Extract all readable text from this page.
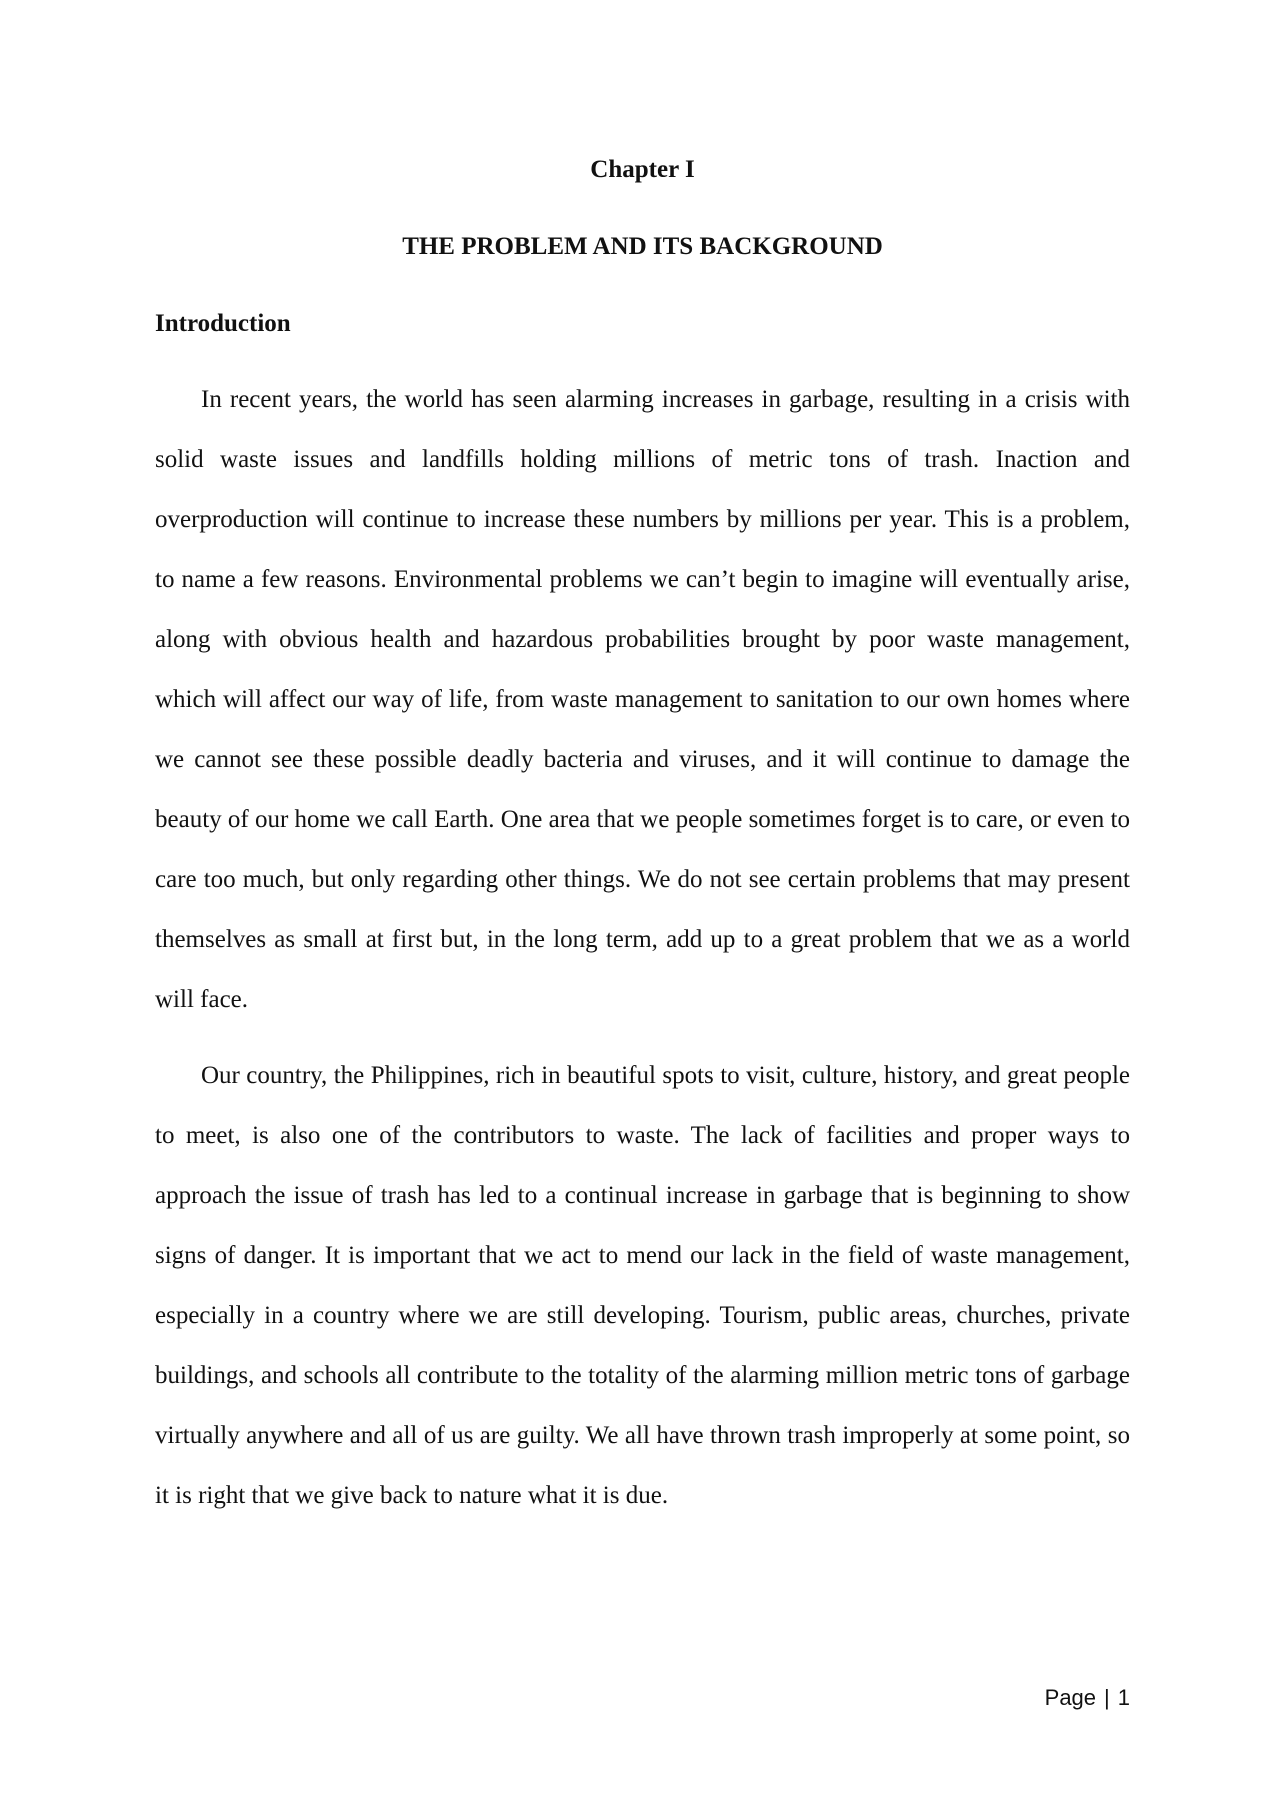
Chapter I
THE PROBLEM AND ITS BACKGROUND
Introduction

In recent years, the world has seen alarming increases in garbage, resulting in a crisis with solid waste issues and landfills holding millions of metric tons of trash. Inaction and overproduction will continue to increase these numbers by millions per year. This is a problem, to name a few reasons. Environmental problems we can’t begin to imagine will eventually arise, along with obvious health and hazardous probabilities brought by poor waste management, which will affect our way of life, from waste management to sanitation to our own homes where we cannot see these possible deadly bacteria and viruses, and it will continue to damage the beauty of our home we call Earth. One area that we people sometimes forget is to care, or even to care too much, but only regarding other things. We do not see certain problems that may present themselves as small at first but, in the long term, add up to a great problem that we as a world will face.

Our country, the Philippines, rich in beautiful spots to visit, culture, history, and great people to meet, is also one of the contributors to waste. The lack of facilities and proper ways to approach the issue of trash has led to a continual increase in garbage that is beginning to show signs of danger. It is important that we act to mend our lack in the field of waste management, especially in a country where we are still developing. Tourism, public areas, churches, private buildings, and schools all contribute to the totality of the alarming million metric tons of garbage virtually anywhere and all of us are guilty. We all have thrown trash improperly at some point, so it is right that we give back to nature what it is due.

Page | 1
